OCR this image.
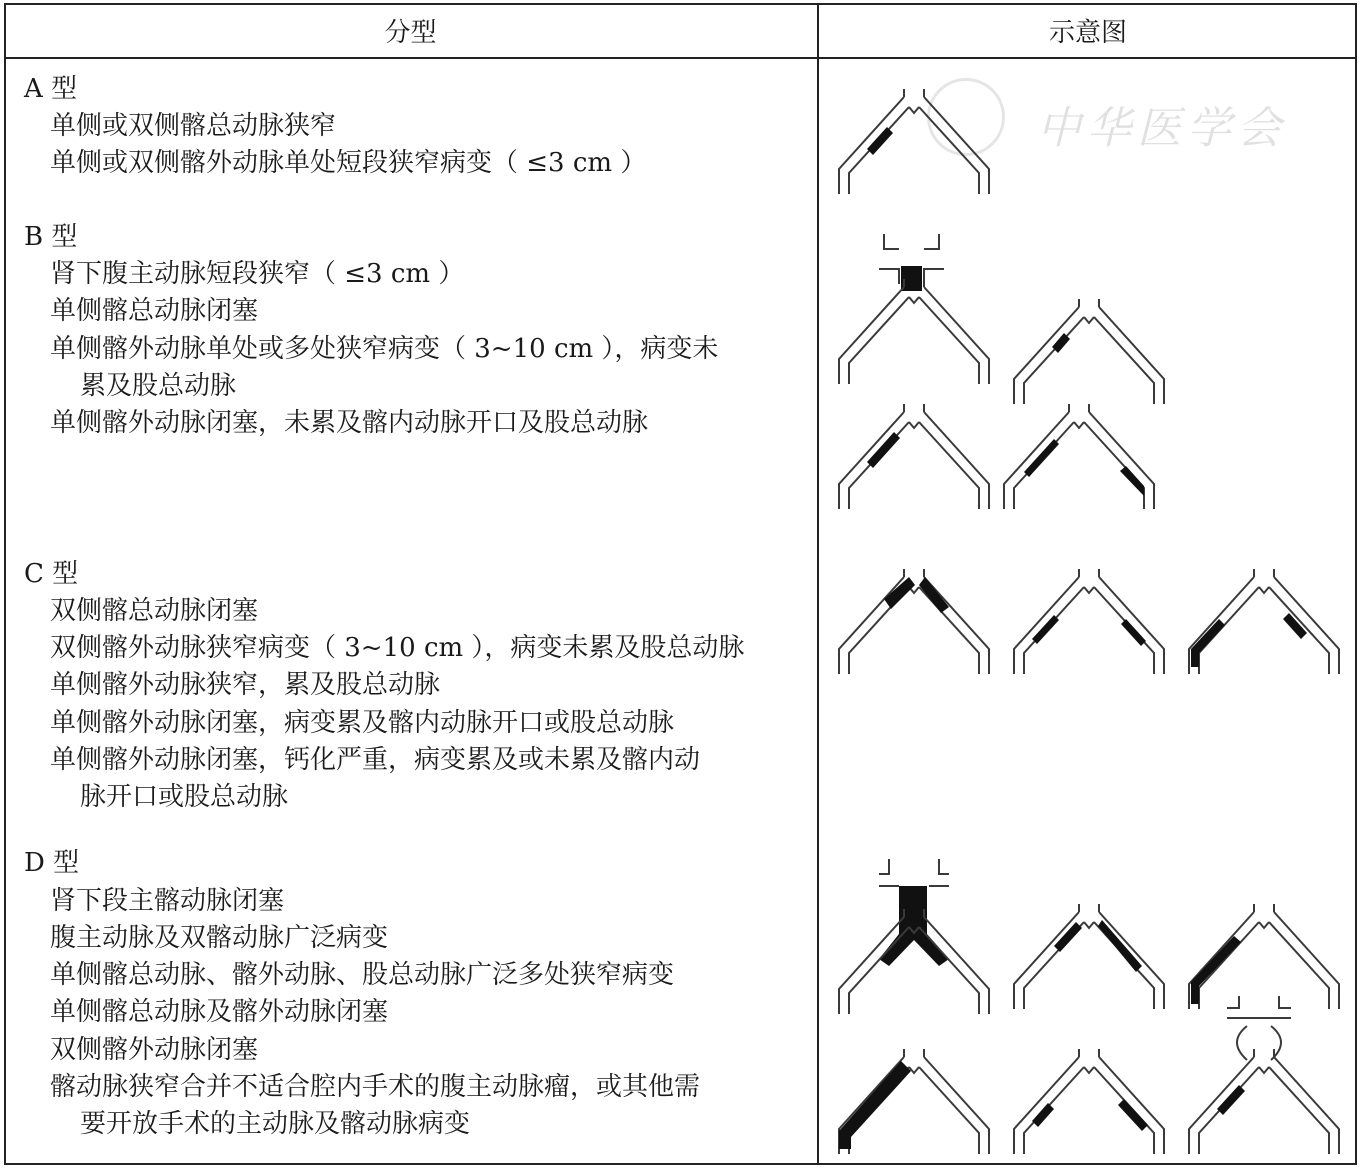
分型	示意图
A 型
单侧或双侧髂总动脉狭窄
单侧或双侧髂外动脉单处短段狭窄病变（ ≤3 cm ）
B 型
肾下腹主动脉短段狭窄（ ≤3 cm ）
单侧髂总动脉闭塞
单侧髂外动脉单处或多处狭窄病变（ 3~10 cm ），病变未
累及股总动脉
单侧髂外动脉闭塞，未累及髂内动脉开口及股总动脉
C 型
双侧髂总动脉闭塞
双侧髂外动脉狭窄病变（ 3~10 cm ），病变未累及股总动脉
单侧髂外动脉狭窄，累及股总动脉
单侧髂外动脉闭塞，病变累及髂内动脉开口或股总动脉
单侧髂外动脉闭塞，钙化严重，病变累及或未累及髂内动
脉开口或股总动脉
D 型
肾下段主髂动脉闭塞
腹主动脉及双髂动脉广泛病变
单侧髂总动脉、髂外动脉、股总动脉广泛多处狭窄病变
单侧髂总动脉及髂外动脉闭塞
双侧髂外动脉闭塞
髂动脉狭窄合并不适合腔内手术的腹主动脉瘤，或其他需
要开放手术的主动脉及髂动脉病变
中华医学会
